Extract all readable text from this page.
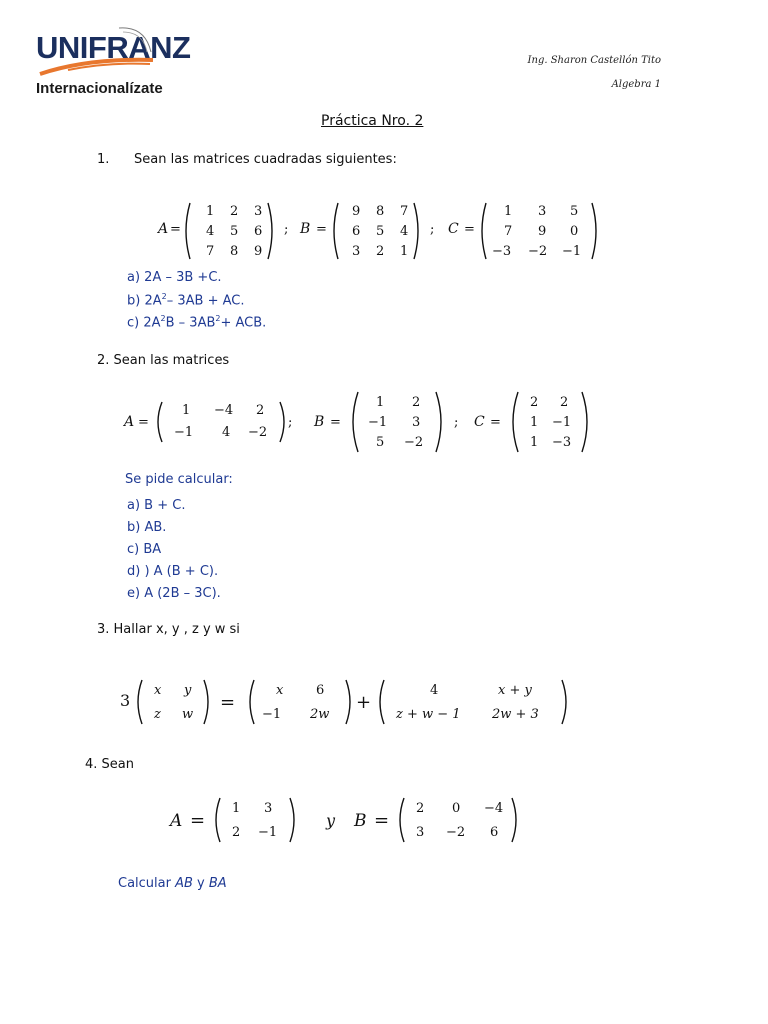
UNIFRANZ
Internacionalízate
Ing. Sharon Castellón Tito
Algebra 1
Práctica Nro. 2
1. Sean las matrices cuadradas siguientes:
A =
1 2 3
4 5 6
7 8 9
; B =
9 8 7
6 5 4
3 2 1
; C =
1 3 5
7 9 0
−3 −2 −1
a) 2A – 3B +C.
b) $2A^2-$ 3AB + AC.
c) $2A^2B - 3AB^2+$ ACB.
2. Sean las matrices
A =
1 −4 2
−1 4 −2
; B =
1 2
−1 3
5 −2
; C =
2 2
1 −1
1 −3
Se pide calcular:
a) B + C.
b) AB.
c) BA
d) ) A (B + C).
e) A (2B – 3C).
3. Hallar x, y , z y w si
3
x y
z w
=
x	6
−1 2w
+
4	x + y
z + w − 1 2w + 3
4. Sean
A =
1 3
2 −1
y B =
2 0 −4
3 −2 6
Calcular AB y BA
